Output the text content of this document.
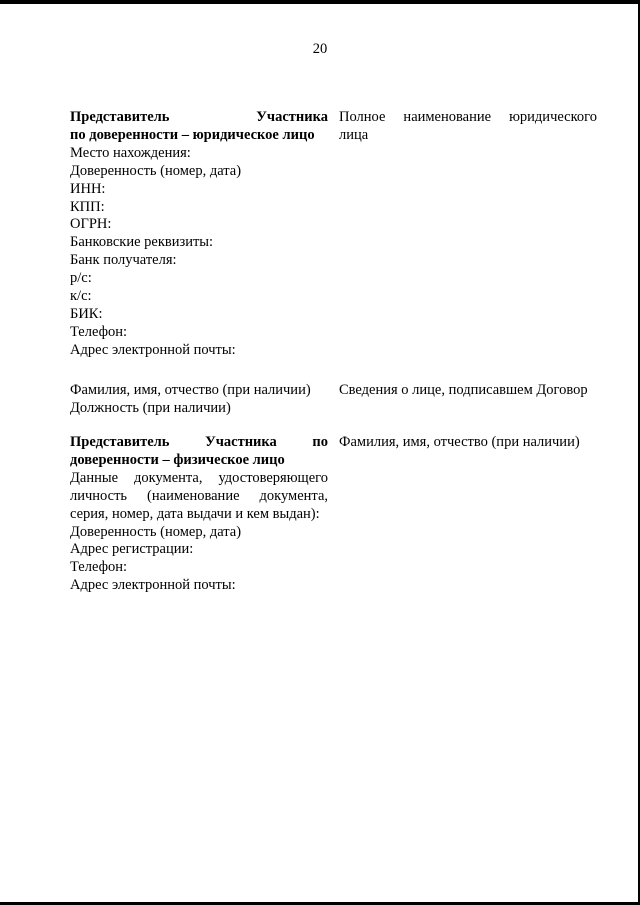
20
Представитель	Участника
по доверенности – юридическое лицо
Место нахождения:
Доверенность (номер, дата)
ИНН:
КПП:
ОГРН:
Банковские реквизиты:
Банк получателя:
р/с:
к/с:
БИК:
Телефон:
Адрес электронной почты:
Полное наименование юридического
лица
Фамилия, имя, отчество (при наличии)
Должность (при наличии)
Сведения о лице, подписавшем Договор
Представитель Участника по
доверенности – физическое лицо
Данные документа, удостоверяющего
личность (наименование документа,
серия, номер, дата выдачи и кем выдан):
Доверенность (номер, дата)
Адрес регистрации:
Телефон:
Адрес электронной почты:
Фамилия, имя, отчество (при наличии)
